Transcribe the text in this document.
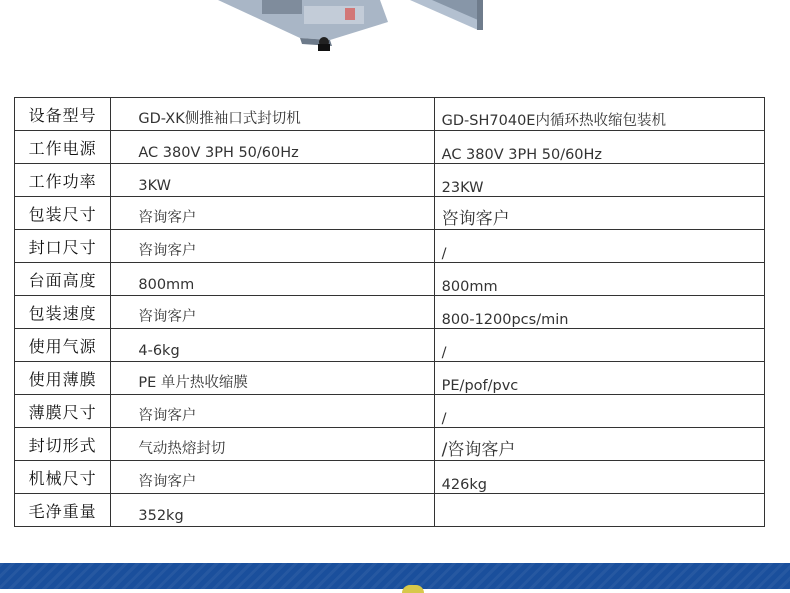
设备型号	GD-XK侧推袖口式封切机	GD-SH7040E内循环热收缩包装机

工作电源	AC 380V 3PH 50/60Hz	AC 380V 3PH 50/60Hz

工作功率	3KW	23KW

包装尺寸	咨询客户	咨询客户

封口尺寸	咨询客户	/

台面高度	800mm	800mm

包装速度	咨询客户	800-1200pcs/min

使用气源	4-6kg	/

使用薄膜	PE 单片热收缩膜	PE/pof/pvc

薄膜尺寸	咨询客户	/

封切形式	气动热熔封切	/咨询客户

机械尺寸	咨询客户	426kg

毛净重量	352kg	
